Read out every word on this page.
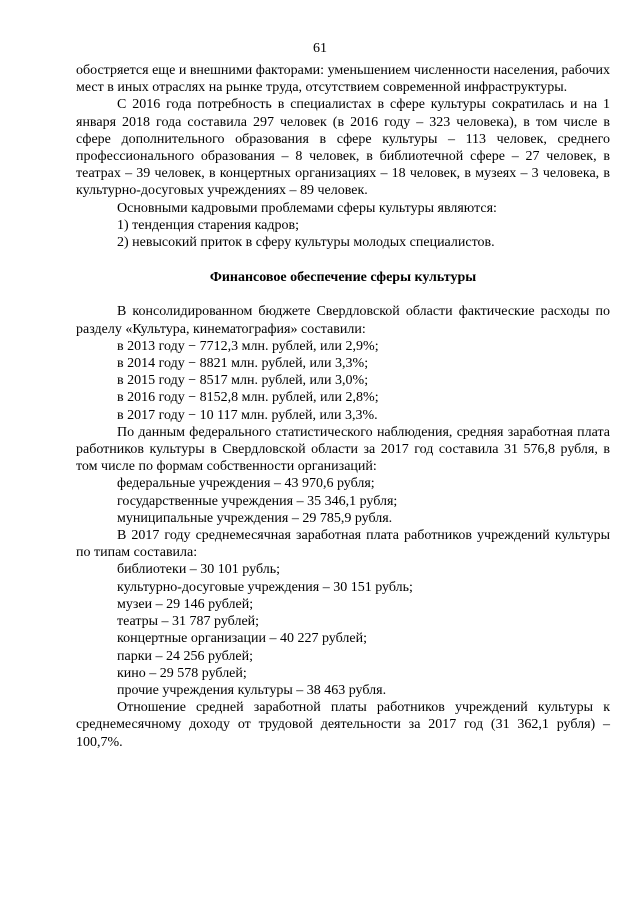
61

обостряется еще и внешними факторами: уменьшением численности населения, рабочих мест в иных отраслях на рынке труда, отсутствием современной инфраструктуры.

С 2016 года потребность в специалистах в сфере культуры сократилась и на 1 января 2018 года составила 297 человек (в 2016 году – 323 человека), в том числе в сфере дополнительного образования в сфере культуры – 113 человек, среднего профессионального образования – 8 человек, в библиотечной сфере – 27 человек, в театрах – 39 человек, в концертных организациях – 18 человек, в музеях – 3 человека, в культурно-досуговых учреждениях – 89 человек.

Основными кадровыми проблемами сферы культуры являются:

1) тенденция старения кадров;

2) невысокий приток в сферу культуры молодых специалистов.

Финансовое обеспечение сферы культуры

В консолидированном бюджете Свердловской области фактические расходы по разделу «Культура, кинематография» составили:

в 2013 году − 7712,3 млн. рублей, или 2,9%;

в 2014 году − 8821 млн. рублей, или 3,3%;

в 2015 году − 8517 млн. рублей, или 3,0%;

в 2016 году − 8152,8 млн. рублей, или 2,8%;

в 2017 году − 10 117 млн. рублей, или 3,3%.

По данным федерального статистического наблюдения, средняя заработная плата работников культуры в Свердловской области за 2017 год составила 31 576,8 рубля, в том числе по формам собственности организаций:

федеральные учреждения – 43 970,6 рубля;

государственные учреждения – 35 346,1 рубля;

муниципальные учреждения – 29 785,9 рубля.

В 2017 году среднемесячная заработная плата работников учреждений культуры по типам составила:

библиотеки – 30 101 рубль;

культурно-досуговые учреждения – 30 151 рубль;

музеи – 29 146 рублей;

театры – 31 787 рублей;

концертные организации – 40 227 рублей;

парки – 24 256 рублей;

кино – 29 578 рублей;

прочие учреждения культуры – 38 463 рубля.

Отношение средней заработной платы работников учреждений культуры к среднемесячному доходу от трудовой деятельности за 2017 год (31 362,1 рубля) – 100,7%.
